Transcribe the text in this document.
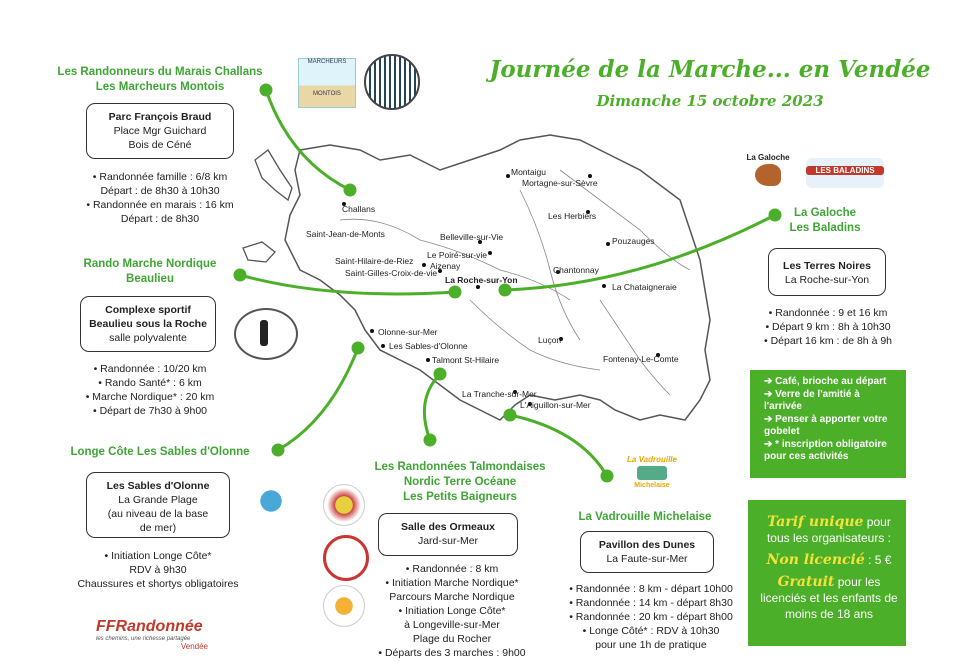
Journée de la Marche... en Vendée
Dimanche 15 octobre 2023
Montaigu
Mortagne-sur-Sèvre
Les Herbiers
Challans
Saint-Jean-de-Monts	Belleville-sur-Vie
Le Poiré-sur-vie
Aizenay
Saint-Hilaire-de-Riez
Saint-Gilles-Croix-de-vie
La Roche-sur-Yon
Pouzauges
Chantonnay
La Chataigneraie
Olonne-sur-Mer
Les Sables-d'Olonne
Talmont St-Hilaire
Luçon
Fontenay-Le-Comte
La Tranche-sur-Mer
L'Aiguillon-sur-Mer
Les Randonneurs du Marais Challans
Les Marcheurs Montois
Parc François Braud
Place Mgr Guichard
Bois de Céné
• Randonnée famille : 6/8 km
Départ : de 8h30 à 10h30
• Randonnée en marais : 16 km
Départ : de 8h30
MARCHEURS
MONTOIS
Rando Marche Nordique
Beaulieu
Complexe sportif
Beaulieu sous la Roche
salle polyvalente
• Randonnée : 10/20 km
• Rando Santé* : 6 km
• Marche Nordique* : 20 km
• Départ de 7h30 à 9h00
Longe Côte Les Sables d'Olonne
Les Sables d'Olonne
La Grande Plage
(au niveau de la base
de mer)
• Initiation Longe Côte*
RDV à 9h30
Chaussures et shortys obligatoires
Les Randonnées Talmondaises
Nordic Terre Océane
Les Petits Baigneurs
Salle des Ormeaux
Jard-sur-Mer
• Randonnée : 8 km
• Initiation Marche Nordique*
Parcours Marche Nordique
• Initiation Longe Côte*
à Longeville-sur-Mer
Plage du Rocher
• Départs des 3 marches : 9h00
La Vadrouille Michelaise
Pavillon des Dunes
La Faute-sur-Mer
La Vadrouille
Michelaise
• Randonnée : 8 km - départ 10h00
• Randonnée : 14 km - départ 8h30
• Randonnée : 20 km - départ 8h00
• Longe Côté* : RDV à 10h30
pour une 1h de pratique
La Galoche
LES BALADINS
La Galoche
Les Baladins
Les Terres Noires
La Roche-sur-Yon
• Randonnée : 9 et 16 km
• Départ 9 km : 8h à 10h30
• Départ 16 km : de 8h à 9h
➔ Café, brioche au départ
➔ Verre de l'amitié à l'arrivée
➔ Penser à apporter votre gobelet
➔ * inscription obligatoire pour ces activités
Tarif unique pour tous les organisateurs :
Non licencié : 5 €
Gratuit pour les licenciés et les enfants de moins de 18 ans
FFRandonnée
les chemins, une richesse partagée
Vendée
